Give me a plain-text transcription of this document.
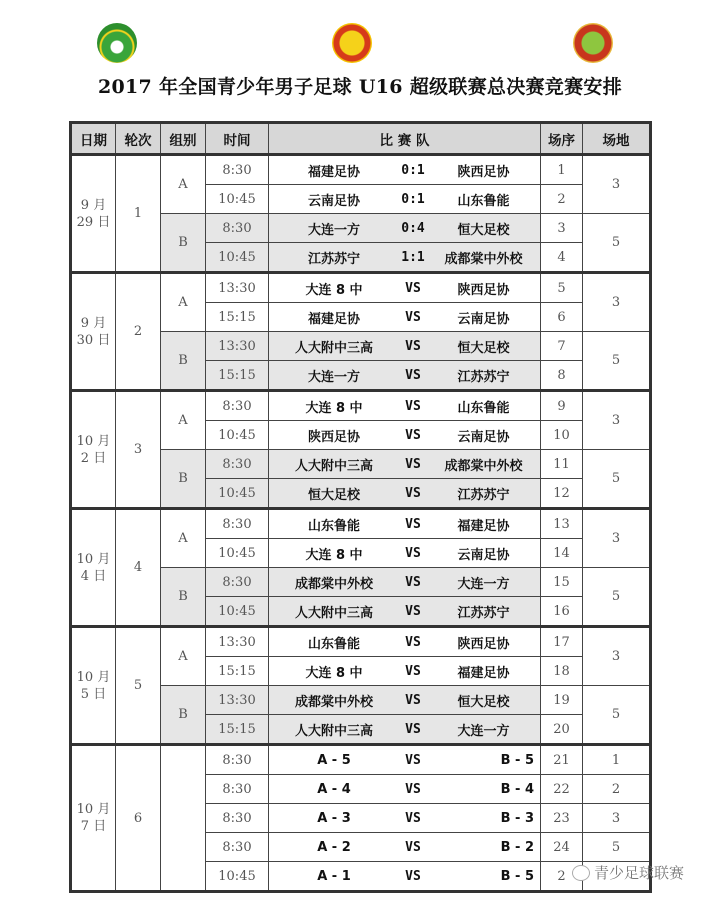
2017 年全国青少年男子足球 U16 超级联赛总决赛竞赛安排
日期	轮次	组别	时间	比 赛 队	场序	场地

9 月
29 日
	1	A	8:30	福建足协	0:1	陕西足协	1	3
			10:45	云南足协 0:1 山东鲁能	2	
		B	8:30	大连一方 0:4 恒大足校	3	5
			10:45	江苏苏宁 1:1 成都棠中外校	4	

9 月
30 日
	2	A	13:30	大连 8 中	VS	陕西足协	5	3
			15:15	福建足协 VS 云南足协	6	
		B	13:30	人大附中三高 VS 恒大足校	7	5
			15:15	大连一方 VS 江苏苏宁	8	

10 月
2 日
	3	A	8:30	大连 8 中	VS	山东鲁能	9	3
			10:45	陕西足协 VS 云南足协	10	
		B	8:30	人大附中三高 VS 成都棠中外校	11	5
			10:45	恒大足校 VS 江苏苏宁	12	

10 月
4 日
	4	A	8:30	山东鲁能	VS	福建足协	13	3
			10:45	大连 8 中 VS 云南足协	14	
		B	8:30	成都棠中外校 VS 大连一方	15	5
			10:45	人大附中三高 VS 江苏苏宁	16	

10 月
5 日
	5	A	13:30	山东鲁能	VS	陕西足协	17	3
			15:15	大连 8 中 VS 福建足协	18	
		B	13:30	成都棠中外校 VS 恒大足校	19	5
			15:15	人大附中三高 VS 大连一方	20	

10 月
7 日
	6		8:30	A - 5	VS	B - 5	21	1
			8:30	A - 4 VS B - 4	22	2
			8:30	A - 3 VS B - 3	23	3
			8:30	A - 2 VS B - 2	24	5
			10:45	A - 1 VS B - 5	2	青少足球联赛
